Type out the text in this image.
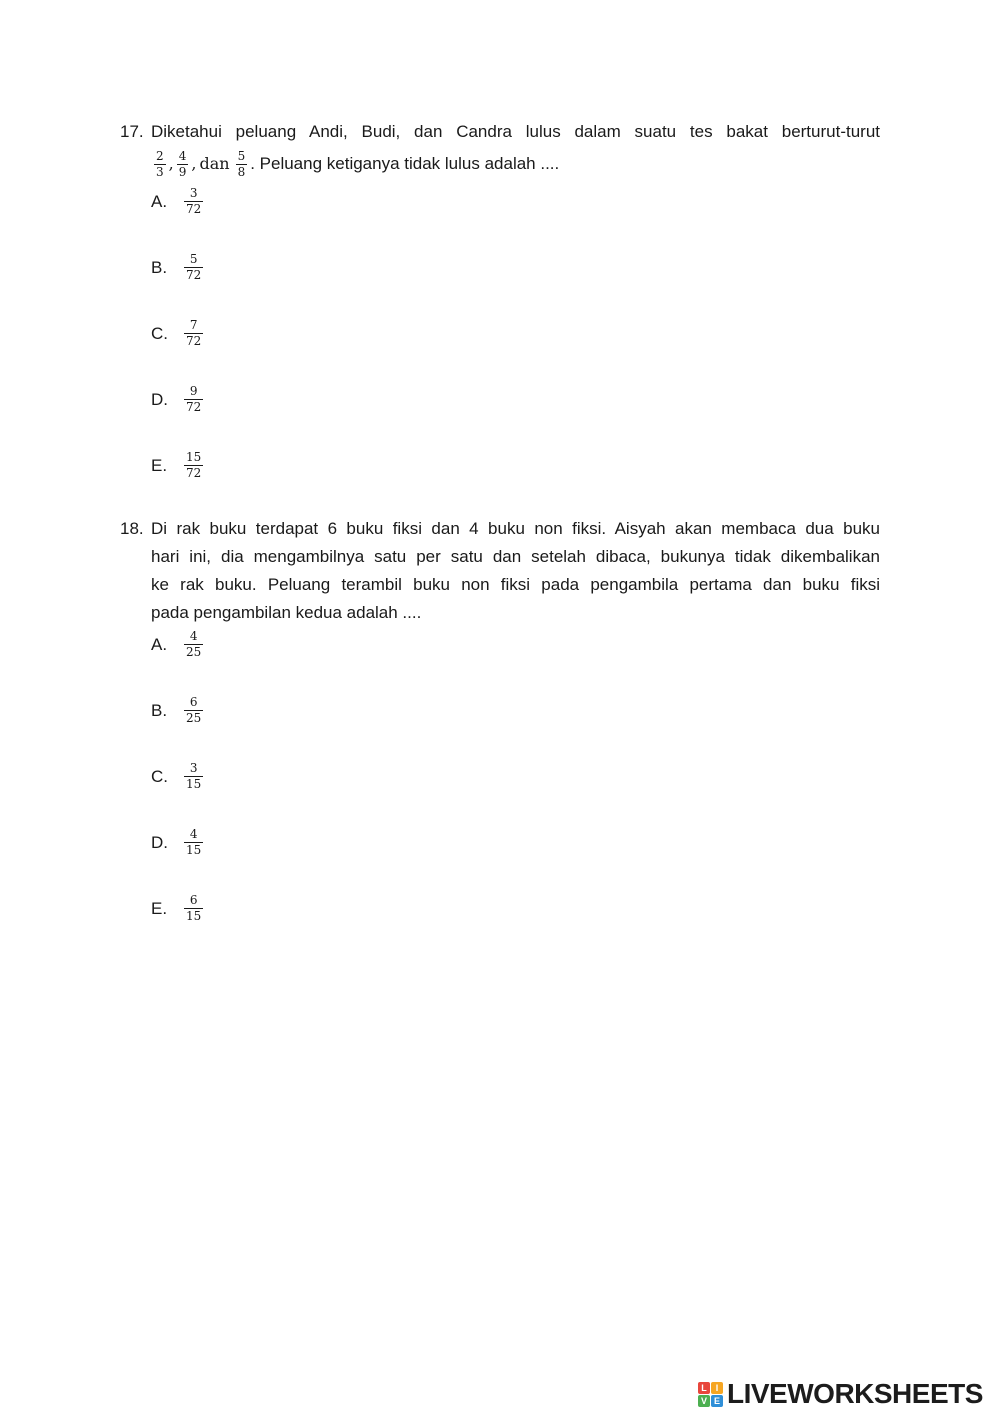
17. Diketahui peluang Andi, Budi, dan Candra lulus dalam suatu tes bakat berturut-turut
$\frac{2}{3}$ , $\frac{4}{9}$ , dan $\frac{5}{8}$ . Peluang ketiganya tidak lulus adalah ....
A.	$\frac{3}{72}$
B.	$\frac{5}{72}$
C.	$\frac{7}{72}$
D.	$\frac{9}{72}$
E.	$\frac{15}{72}$
18. Di rak buku terdapat 6 buku fiksi dan 4 buku non fiksi. Aisyah akan membaca dua buku
hari ini, dia mengambilnya satu per satu dan setelah dibaca, bukunya tidak dikembalikan
ke rak buku. Peluang terambil buku non fiksi pada pengambila pertama dan buku fiksi
pada pengambilan kedua adalah ....
A.	$\frac{4}{25}$
B.	$\frac{6}{25}$
C.	$\frac{3}{15}$
D.	$\frac{4}{15}$
E.	$\frac{6}{15}$
L I
V E LIVEWORKSHEETS
